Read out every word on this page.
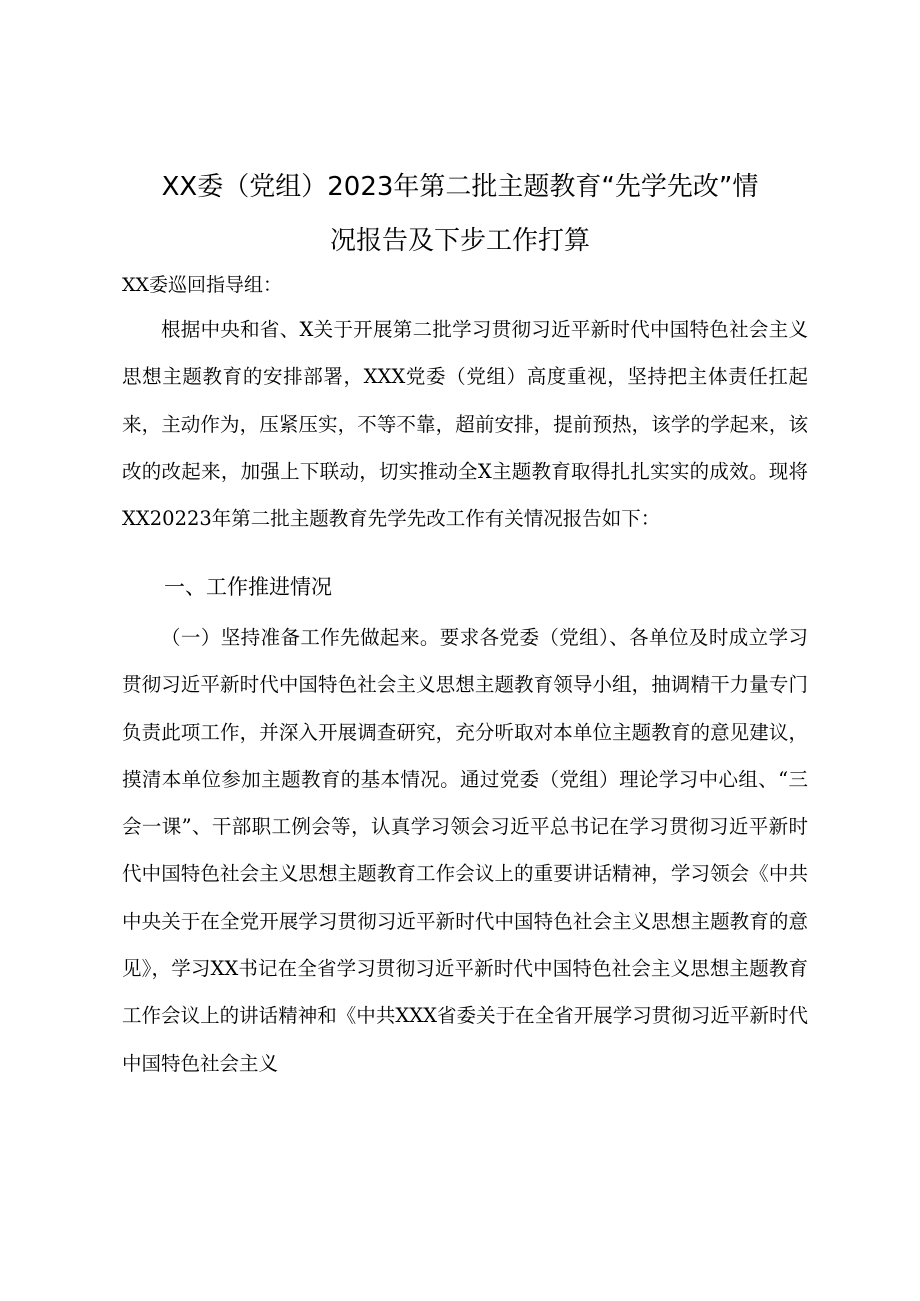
XX委（党组）2023年第二批主题教育“先学先改”情
况报告及下步工作打算
XX委巡回指导组：
根据中央和省、X关于开展第二批学习贯彻习近平新时代中国特色社会主义思想主题教育的安排部署，XXX党委（党组）高度重视，坚持把主体责任扛起来，主动作为，压紧压实，不等不靠，超前安排，提前预热，该学的学起来，该改的改起来，加强上下联动，切实推动全X主题教育取得扎扎实实的成效。现将XX20223年第二批主题教育先学先改工作有关情况报告如下：
一、工作推进情况
（一）坚持准备工作先做起来。要求各党委（党组）、各单位及时成立学习贯彻习近平新时代中国特色社会主义思想主题教育领导小组，抽调精干力量专门负责此项工作，并深入开展调查研究，充分听取对本单位主题教育的意见建议，摸清本单位参加主题教育的基本情况。通过党委（党组）理论学习中心组、“三会一课”、干部职工例会等，认真学习领会习近平总书记在学习贯彻习近平新时代中国特色社会主义思想主题教育工作会议上的重要讲话精神，学习领会《中共中央关于在全党开展学习贯彻习近平新时代中国特色社会主义思想主题教育的意见》，学习XX书记在全省学习贯彻习近平新时代中国特色社会主义思想主题教育工作会议上的讲话精神和《中共XXX省委关于在全省开展学习贯彻习近平新时代中国特色社会主义
